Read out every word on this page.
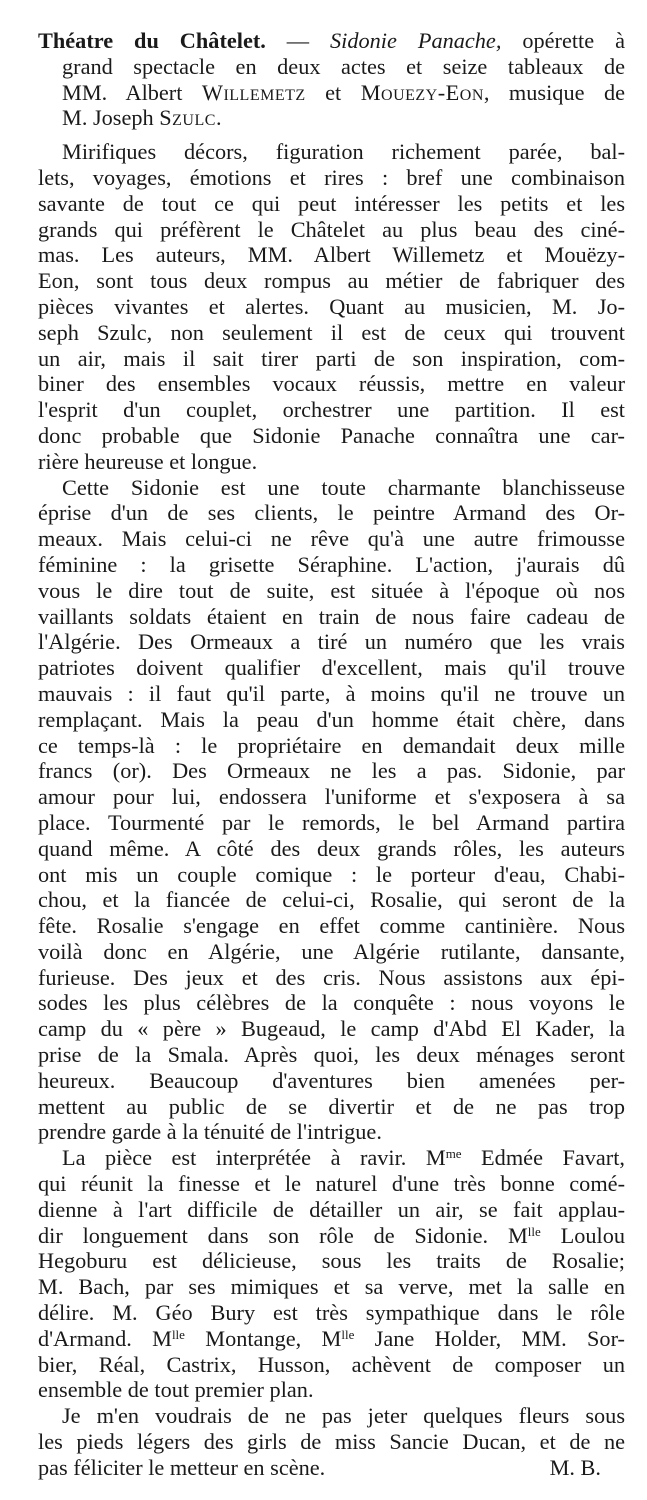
Théatre du Châtelet. — Sidonie Panache, opérette à
grand spectacle en deux actes et seize tableaux de
MM. Albert Willemetz et Mouezy-Eon, musique de
M. Joseph Szulc.
Mirifiques décors, figuration richement parée, bal-
lets, voyages, émotions et rires : bref une combinaison
savante de tout ce qui peut intéresser les petits et les
grands qui préfèrent le Châtelet au plus beau des ciné-
mas. Les auteurs, MM. Albert Willemetz et Mouëzy-
Eon, sont tous deux rompus au métier de fabriquer des
pièces vivantes et alertes. Quant au musicien, M. Jo-
seph Szulc, non seulement il est de ceux qui trouvent
un air, mais il sait tirer parti de son inspiration, com-
biner des ensembles vocaux réussis, mettre en valeur
l'esprit d'un couplet, orchestrer une partition. Il est
donc probable que Sidonie Panache connaîtra une car-
rière heureuse et longue.
Cette Sidonie est une toute charmante blanchisseuse
éprise d'un de ses clients, le peintre Armand des Or-
meaux. Mais celui-ci ne rêve qu'à une autre frimousse
féminine : la grisette Séraphine. L'action, j'aurais dû
vous le dire tout de suite, est située à l'époque où nos
vaillants soldats étaient en train de nous faire cadeau de
l'Algérie. Des Ormeaux a tiré un numéro que les vrais
patriotes doivent qualifier d'excellent, mais qu'il trouve
mauvais : il faut qu'il parte, à moins qu'il ne trouve un
remplaçant. Mais la peau d'un homme était chère, dans
ce temps-là : le propriétaire en demandait deux mille
francs (or). Des Ormeaux ne les a pas. Sidonie, par
amour pour lui, endossera l'uniforme et s'exposera à sa
place. Tourmenté par le remords, le bel Armand partira
quand même. A côté des deux grands rôles, les auteurs
ont mis un couple comique : le porteur d'eau, Chabi-
chou, et la fiancée de celui-ci, Rosalie, qui seront de la
fête. Rosalie s'engage en effet comme cantinière. Nous
voilà donc en Algérie, une Algérie rutilante, dansante,
furieuse. Des jeux et des cris. Nous assistons aux épi-
sodes les plus célèbres de la conquête : nous voyons le
camp du « père » Bugeaud, le camp d'Abd El Kader, la
prise de la Smala. Après quoi, les deux ménages seront
heureux. Beaucoup d'aventures bien amenées per-
mettent au public de se divertir et de ne pas trop
prendre garde à la ténuité de l'intrigue.
La pièce est interprétée à ravir. $M^{me}$ Edmée Favart,
qui réunit la finesse et le naturel d'une très bonne comé-
dienne à l'art difficile de détailler un air, se fait applau-
dir longuement dans son rôle de Sidonie. $M^{lle}$ Loulou
Hegoburu est délicieuse, sous les traits de Rosalie;
M. Bach, par ses mimiques et sa verve, met la salle en
délire. M. Géo Bury est très sympathique dans le rôle
d'Armand. $M^{lle}$ Montange, $M^{lle}$ Jane Holder, MM. Sor-
bier, Réal, Castrix, Husson, achèvent de composer un
ensemble de tout premier plan.
Je m'en voudrais de ne pas jeter quelques fleurs sous
les pieds légers des girls de miss Sancie Ducan, et de ne
pas féliciter le metteur en scène.	M. B.
